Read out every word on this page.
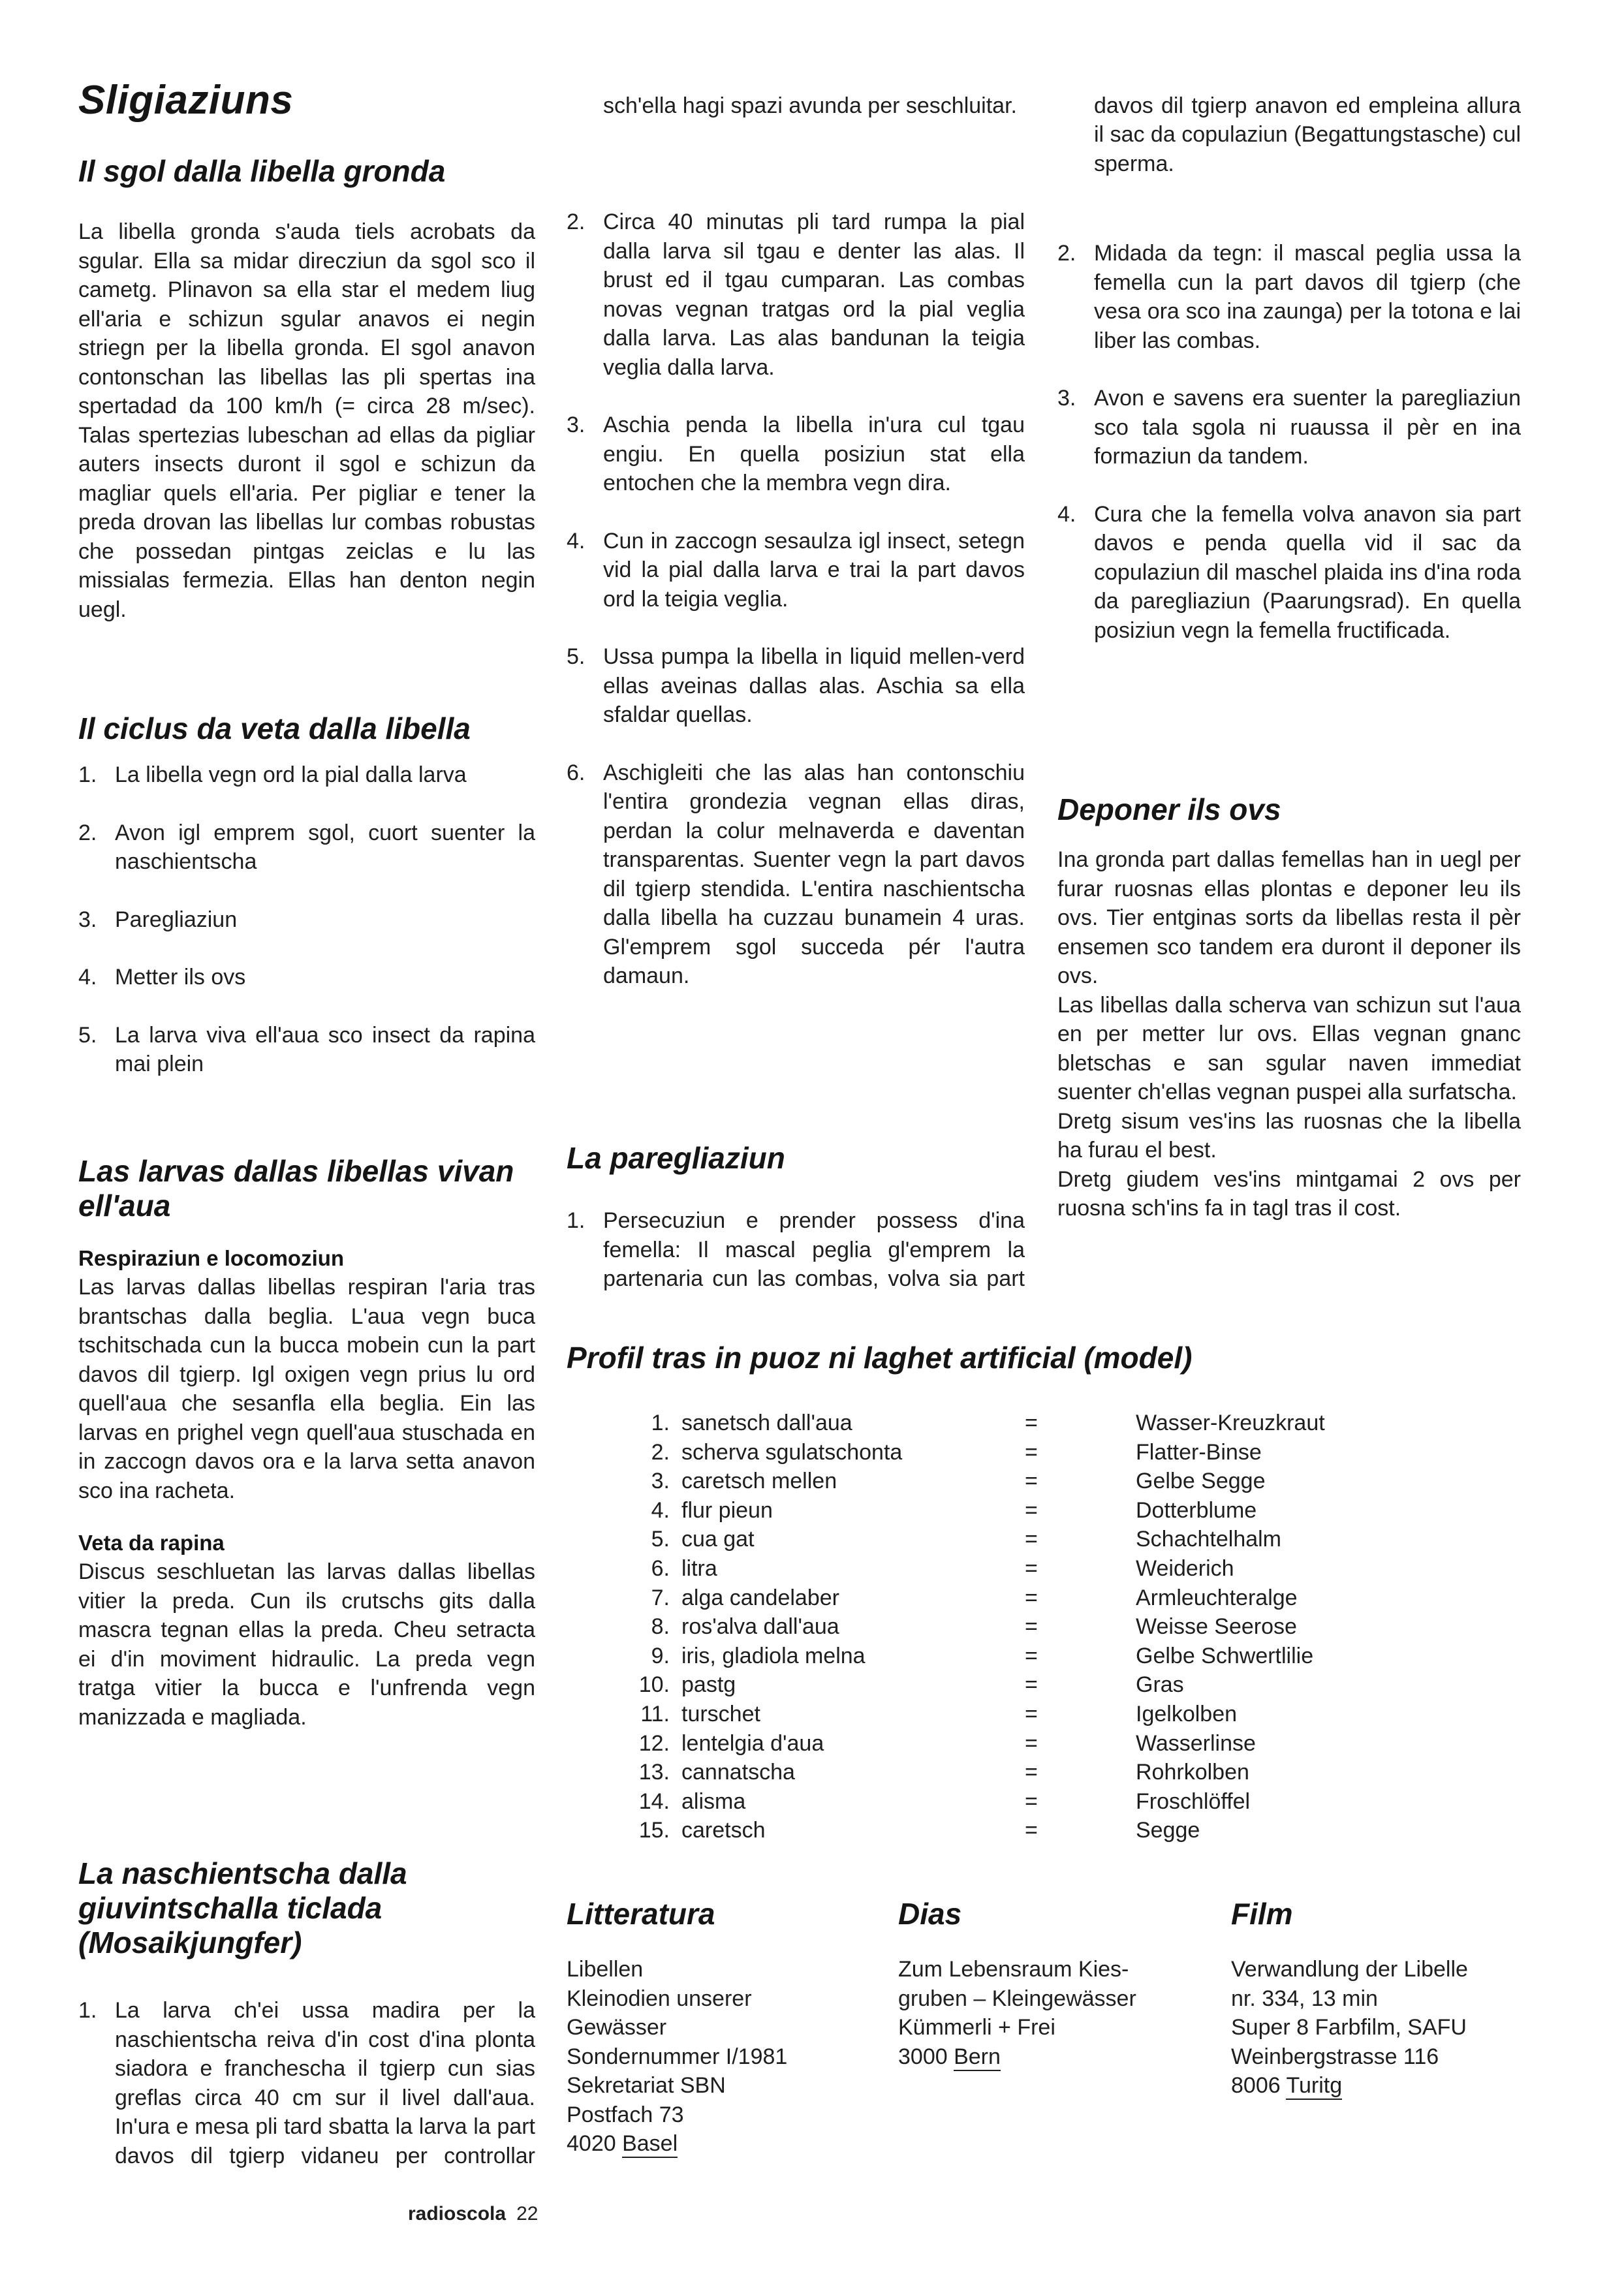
Sligiaziuns
Il sgol dalla libella gronda

La libella gronda s'auda tiels acrobats da sgular. Ella sa midar direcziun da sgol sco il cametg. Plinavon sa ella star el medem liug ell'aria e schizun sgular anavos ei negin striegn per la libella gronda. El sgol anavon contonschan las libellas las pli spertas ina spertadad da 100 km/h (= circa 28 m/sec). Talas spertezias lubeschan ad ellas da pigliar auters insects duront il sgol e schizun da magliar quels ell'aria. Per pigliar e tener la preda drovan las libellas lur combas robustas che possedan pintgas zeiclas e lu las missialas fermezia. Ellas han denton negin uegl.

Il ciclus da veta dalla libella
1. La libella vegn ord la pial dalla larva
2. Avon igl emprem sgol, cuort suenter la naschientscha
3. Paregliaziun
4. Metter ils ovs
5. La larva viva ell'aua sco insect da rapina mai plein
Las larvas dallas libellas vivan ell'aua
Respiraziun e locomoziun

Las larvas dallas libellas respiran l'aria tras brantschas dalla beglia. L'aua vegn buca tschitschada cun la bucca mobein cun la part davos dil tgierp. Igl oxigen vegn prius lu ord quell'aua che sesanfla ella beglia. Ein las larvas en prighel vegn quell'aua stuschada en in zaccogn davos ora e la larva setta anavon sco ina racheta.

Veta da rapina

Discus seschluetan las larvas dallas libellas vitier la preda. Cun ils crutschs gits dalla mascra tegnan ellas la preda. Cheu setracta ei d'in moviment hidraulic. La preda vegn tratga vitier la bucca e l'unfrenda vegn manizzada e magliada.

La naschientscha dalla giuvintschalla ticlada (Mosaikjungfer)
1. La larva ch'ei ussa madira per la naschientscha reiva d'in cost d'ina plonta siadora e francheschа il tgierp cun sias greflas circa 40 cm sur il livel dall'aua. In'ura e mesa pli tard sbatta la larva la part davos dil tgierp vidaneu per controllar
sch'ella hagi spazi avunda per seschluitar.
2. Circa 40 minutas pli tard rumpa la pial dalla larva sil tgau e denter las alas. Il brust ed il tgau cumparan. Las combas novas vegnan tratgas ord la pial veglia dalla larva. Las alas bandunan la teigia veglia dalla larva.
3. Aschia penda la libella in'ura cul tgau engiu. En quella posiziun stat ella entochen che la membra vegn dira.
4. Cun in zaccogn sesaulza igl insect, setegn vid la pial dalla larva e trai la part davos ord la teigia veglia.
5. Ussa pumpa la libella in liquid mellen-verd ellas aveinas dallas alas. Aschia sa ella sfaldar quellas.
6. Aschigleiti che las alas han contonschiu l'entira grondezia vegnan ellas diras, perdan la colur melnaverda e daventan transparentas. Suenter vegn la part davos dil tgierp stendida. L'entira naschientscha dalla libella ha cuzzau bunamein 4 uras. Gl'emprem sgol succeda pér l'autra damaun.
La paregliaziun
1. Persecuziun e prender possess d'ina femella: Il mascal peglia gl'emprem la partenaria cun las combas, volva sia part
davos dil tgierp anavon ed empleina allura il sac da copulaziun (Begattungstasche) cul sperma.
2. Midada da tegn: il mascal peglia ussa la femella cun la part davos dil tgierp (che vesa ora sco ina zaunga) per la totona e lai liber las combas.
3. Avon e savens era suenter la paregliaziun sco tala sgola ni ruaussa il pèr en ina formaziun da tandem.
4. Cura che la femella volva anavon sia part davos e penda quella vid il sac da copulaziun dil maschel plaida ins d'ina roda da paregliaziun (Paarungsrad). En quella posiziun vegn la femella fructificada.
Deponer ils ovs

Ina gronda part dallas femellas han in uegl per furar ruosnas ellas plontas e deponer leu ils ovs. Tier entginas sorts da libellas resta il pèr ensemen sco tandem era duront il deponer ils ovs.

Las libellas dalla scherva van schizun sut l'aua en per metter lur ovs. Ellas vegnan gnanc bletschas e san sgular naven immediat suenter ch'ellas vegnan puspei alla surfatscha.

Dretg sisum ves'ins las ruosnas che la libella ha furau el best.

Dretg giudem ves'ins mintgamai 2 ovs per ruosna sch'ins fa in tagl tras il cost.

Profil tras in puoz ni laghet artificial (model)
1. sanetsch dall'aua	=	Wasser-Kreuzkraut
2. scherva sgulatschonta	=	Flatter-Binse
3. caretsch mellen	=	Gelbe Segge
4. flur pieun	=	Dotterblume
5. cua gat	=	Schachtelhalm
6. litra	=	Weiderich
7. alga candelaber	=	Armleuchteralge
8. ros'alva dall'aua	=	Weisse Seerose
9. iris, gladiola melna	=	Gelbe Schwertlilie
10. pastg	=	Gras
11. turschet	=	Igelkolben
12. lentelgia d'aua	=	Wasserlinse
13. cannatscha	=	Rohrkolben
14. alisma	=	Froschlöffel
15. caretsch	=	Segge
Litteratura
Libellen
Kleinodien unserer
Gewässer
Sondernummer I/1981
Sekretariat SBN
Postfach 73
4020 Basel
Dias
Zum Lebensraum Kies-
gruben – Kleingewässer
Kümmerli + Frei
3000 Bern
Film
Verwandlung der Libelle
nr. 334, 13 min
Super 8 Farbfilm, SAFU
Weinbergstrasse 116
8006 Turitg
radioscola 22
